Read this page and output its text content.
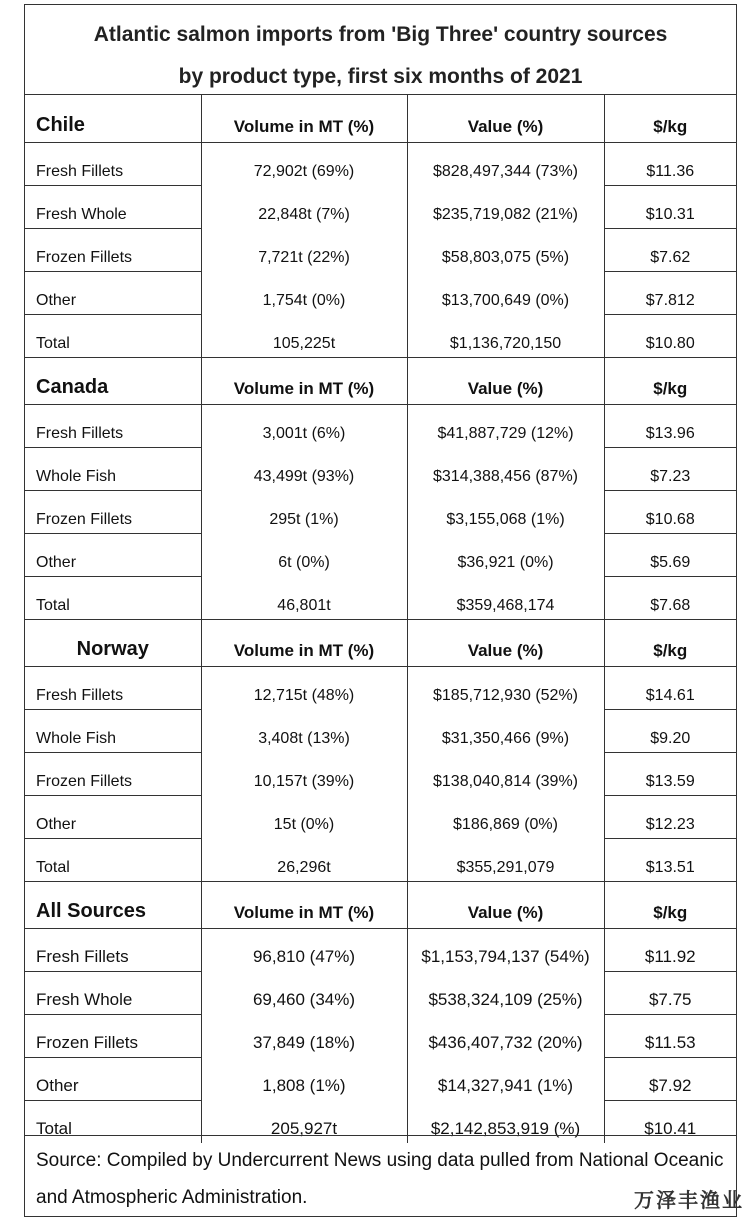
Atlantic salmon imports from 'Big Three' country sources
by product type, first six months of 2021
Chile	Volume in MT (%)	Value (%)	$/kg
Fresh Fillets	72,902t (69%)	$828,497,344 (73%)	$11.36
Fresh Whole	22,848t (7%)	$235,719,082 (21%)	$10.31
Frozen Fillets	7,721t (22%)	$58,803,075 (5%)	$7.62
Other	1,754t (0%)	$13,700,649 (0%)	$7.812
Total	105,225t	$1,136,720,150	$10.80
Canada	Volume in MT (%)	Value (%)	$/kg
Fresh Fillets	3,001t (6%)	$41,887,729 (12%)	$13.96
Whole Fish	43,499t (93%)	$314,388,456 (87%)	$7.23
Frozen Fillets	295t (1%)	$3,155,068 (1%)	$10.68
Other	6t (0%)	$36,921 (0%)	$5.69
Total	46,801t	$359,468,174	$7.68
Norway	Volume in MT (%)	Value (%)	$/kg
Fresh Fillets	12,715t (48%)	$185,712,930 (52%)	$14.61
Whole Fish	3,408t (13%)	$31,350,466 (9%)	$9.20
Frozen Fillets	10,157t (39%)	$138,040,814 (39%)	$13.59
Other	15t (0%)	$186,869 (0%)	$12.23
Total	26,296t	$355,291,079	$13.51
All Sources	Volume in MT (%)	Value (%)	$/kg
Fresh Fillets	96,810 (47%)	$1,153,794,137 (54%)	$11.92
Fresh Whole	69,460 (34%)	$538,324,109 (25%)	$7.75
Frozen Fillets	37,849 (18%)	$436,407,732 (20%)	$11.53
Other	1,808 (1%)	$14,327,941 (1%)	$7.92
Total	205,927t	$2,142,853,919 (%)	$10.41
Source: Compiled by Undercurrent News using data pulled from National Oceanic and Atmospheric Administration.	万泽丰渔业
